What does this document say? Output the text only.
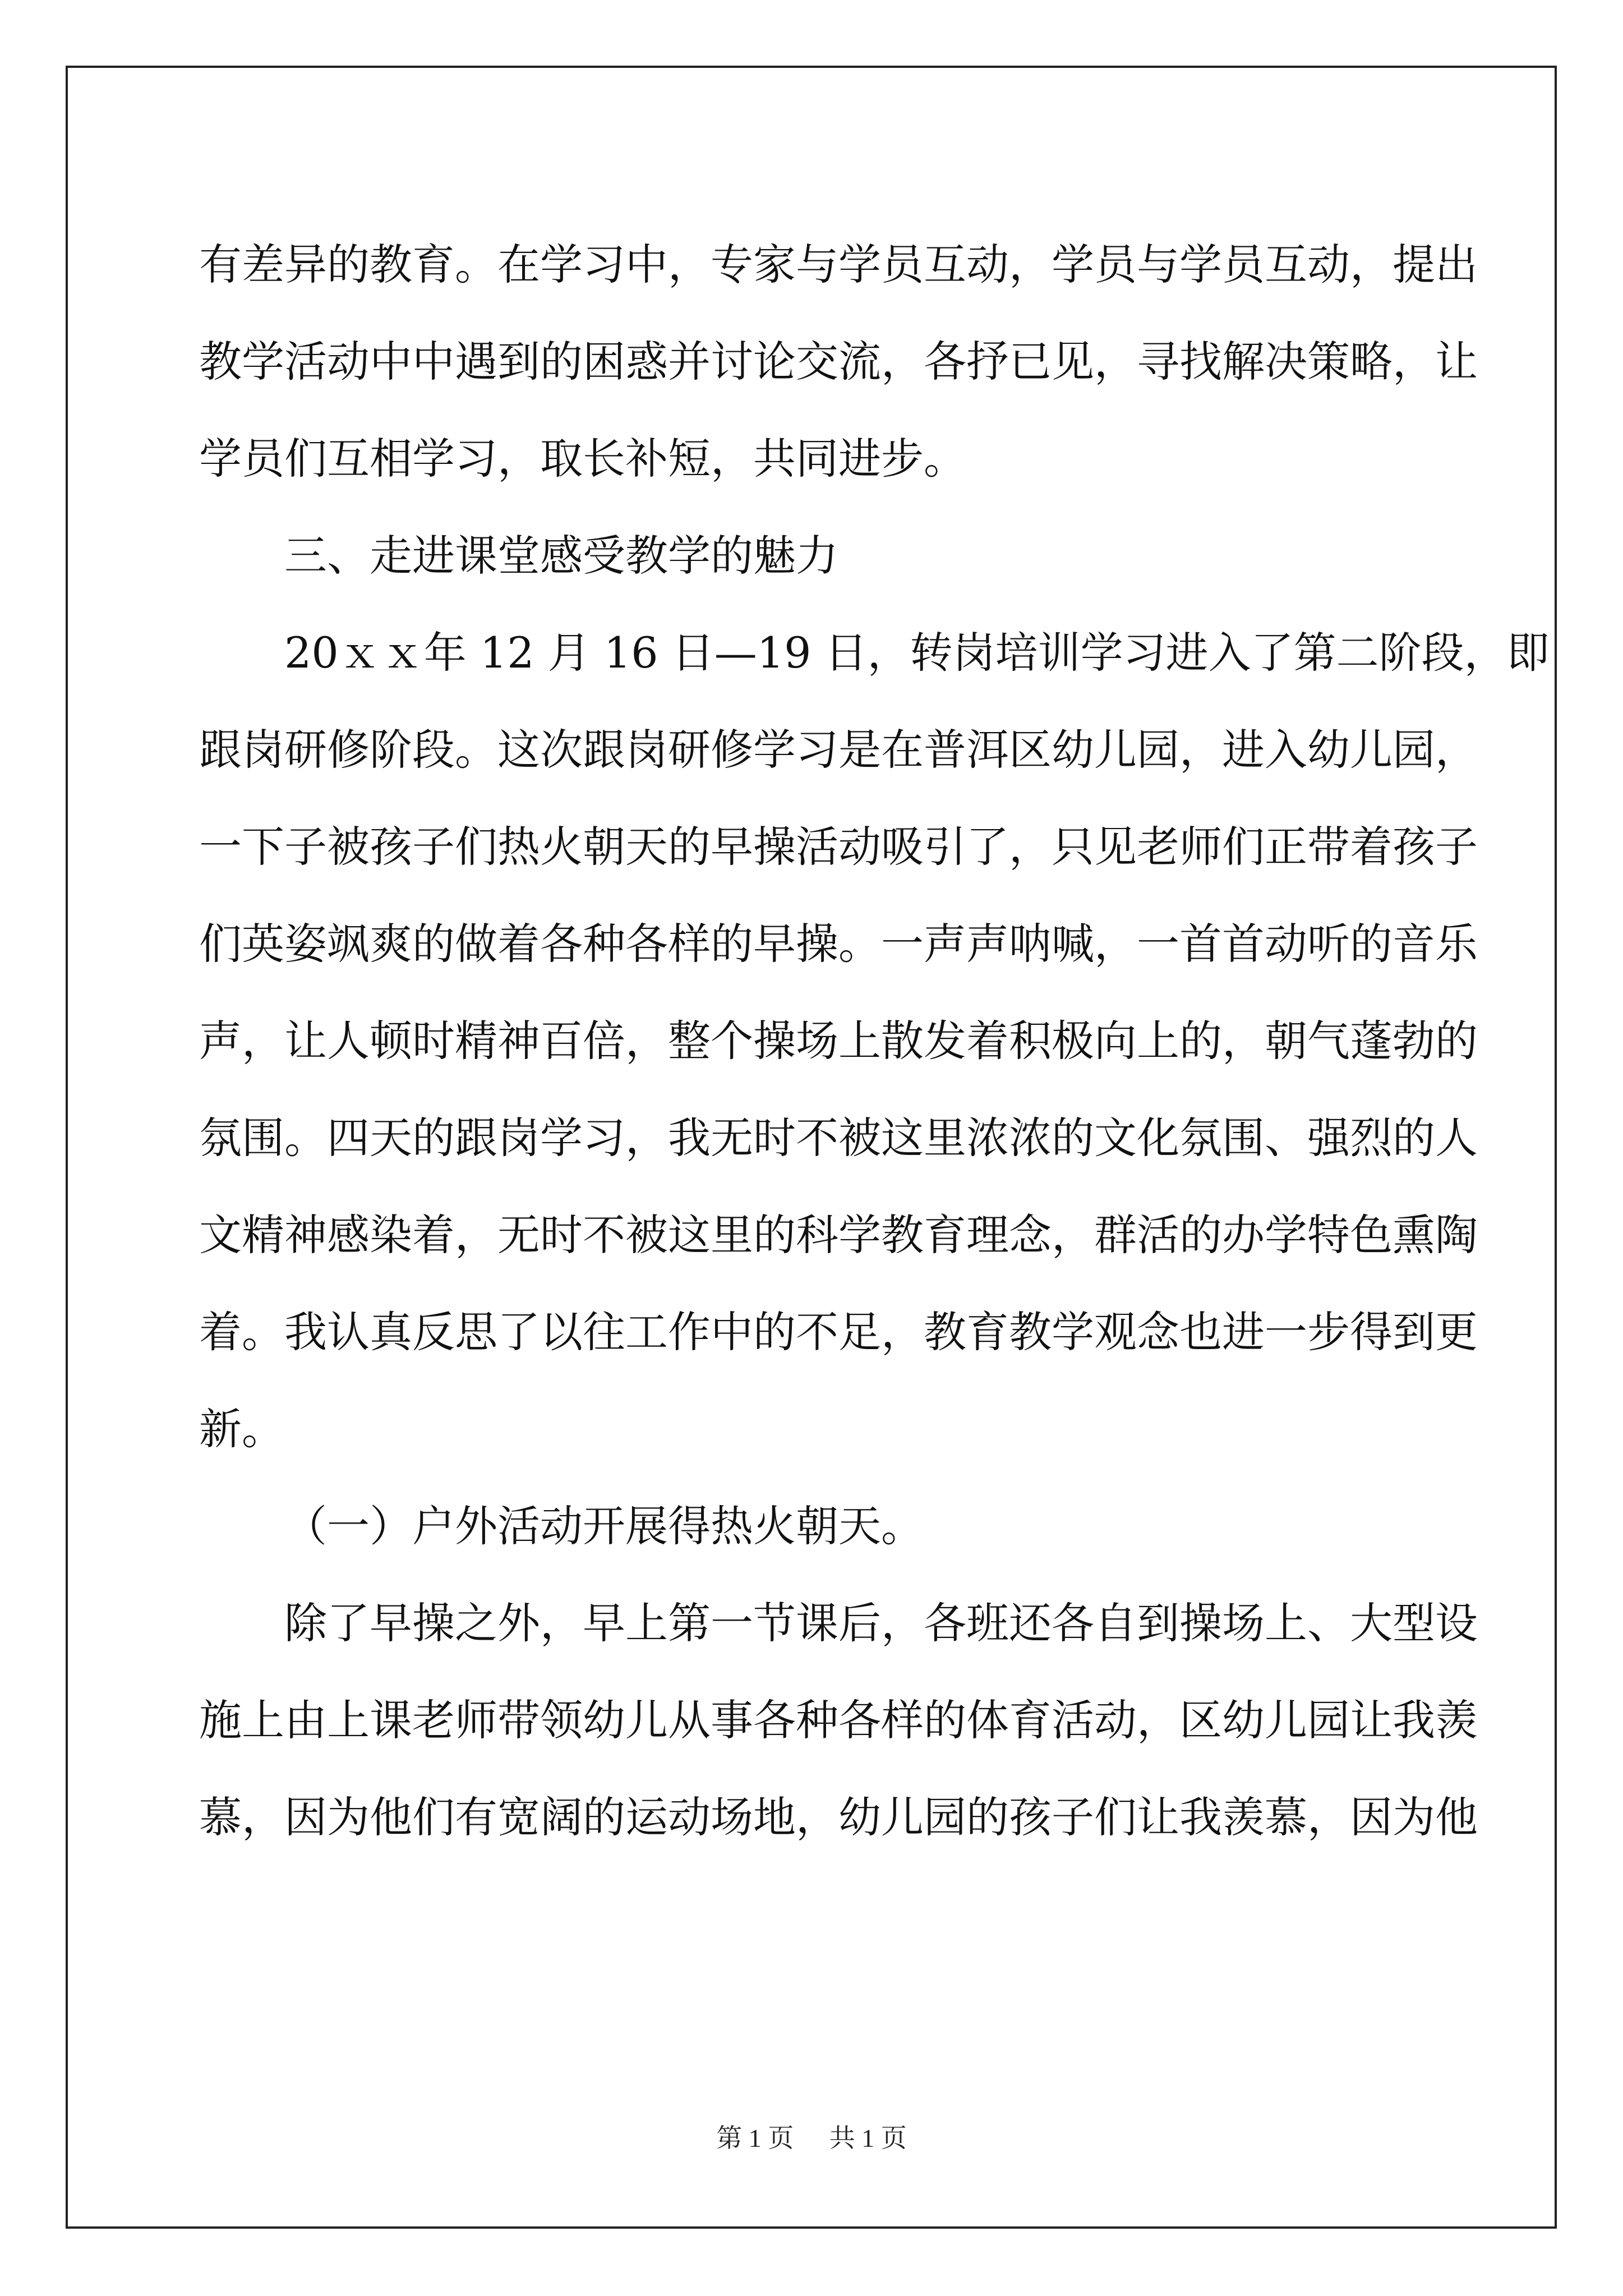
有差异的教育。在学习中，专家与学员互动，学员与学员互动，提出
教学活动中中遇到的困惑并讨论交流，各抒已见，寻找解决策略，让
学员们互相学习，取长补短，共同进步。
三、走进课堂感受教学的魅力
20ｘｘ年 12 月 16 日—19 日，转岗培训学习进入了第二阶段，即
跟岗研修阶段。这次跟岗研修学习是在普洱区幼儿园，进入幼儿园，
一下子被孩子们热火朝天的早操活动吸引了，只见老师们正带着孩子
们英姿飒爽的做着各种各样的早操。一声声呐喊，一首首动听的音乐
声，让人顿时精神百倍，整个操场上散发着积极向上的，朝气蓬勃的
氛围。四天的跟岗学习，我无时不被这里浓浓的文化氛围、强烈的人
文精神感染着，无时不被这里的科学教育理念，群活的办学特色熏陶
着。我认真反思了以往工作中的不足，教育教学观念也进一步得到更
新。
（一）户外活动开展得热火朝天。
除了早操之外，早上第一节课后，各班还各自到操场上、大型设
施上由上课老师带领幼儿从事各种各样的体育活动，区幼儿园让我羡
慕，因为他们有宽阔的运动场地，幼儿园的孩子们让我羡慕，因为他
第 1 页 共 1 页
